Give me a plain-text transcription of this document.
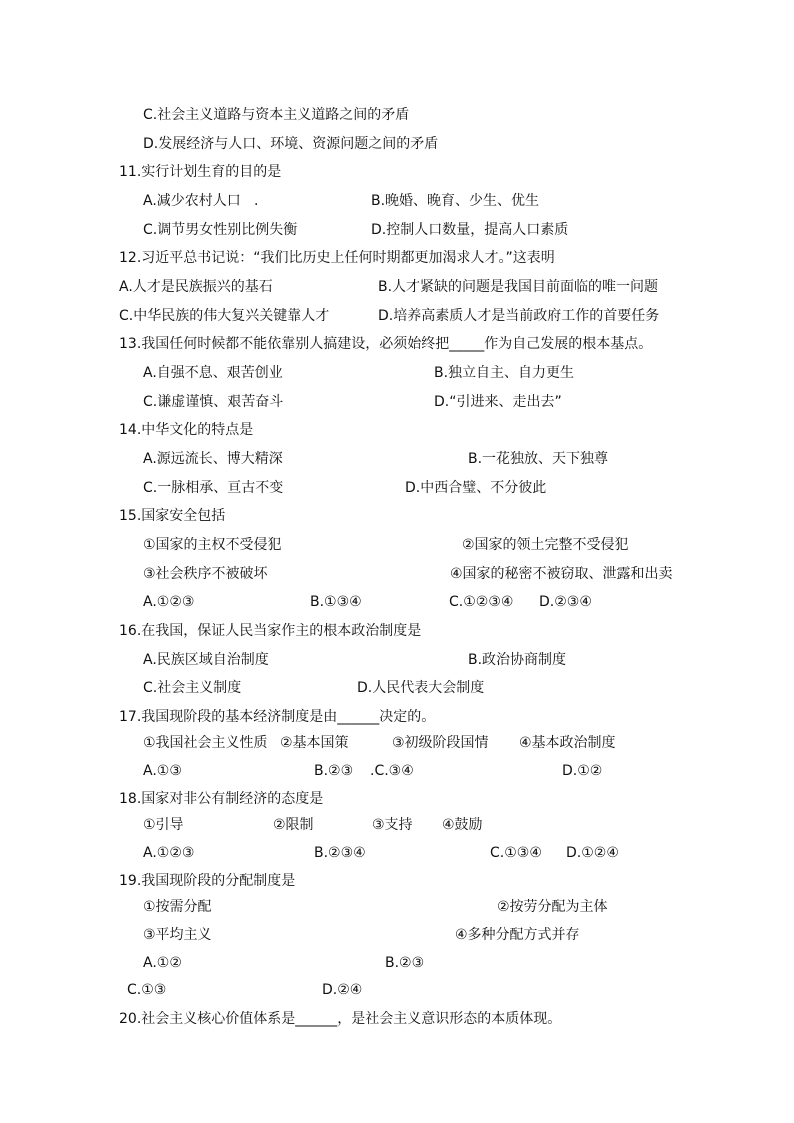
C.社会主义道路与资本主义道路之间的矛盾
D.发展经济与人口、环境、资源问题之间的矛盾
11.实行计划生育的目的是
A.减少农村人口 .	B.晚婚、晚育、少生、优生
C.调节男女性别比例失衡	D.控制人口数量，提高人口素质
12.习近平总书记说：“我们比历史上任何时期都更加渴求人才。”这表明
A.人才是民族振兴的基石	B.人才紧缺的问题是我国目前面临的唯一问题
C.中华民族的伟大复兴关键靠人才	D.培养高素质人才是当前政府工作的首要任务
13.我国任何时候都不能依靠别人搞建设，必须始终把_____作为自己发展的根本基点。
A.自强不息、艰苦创业	B.独立自主、自力更生
C.谦虚谨慎、艰苦奋斗	D.“引进来、走出去”
14.中华文化的特点是
A.源远流长、博大精深	B.一花独放、天下独尊
C.一脉相承、亘古不变	D.中西合璧、不分彼此
15.国家安全包括
①国家的主权不受侵犯	②国家的领土完整不受侵犯
③社会秩序不被破坏	④国家的秘密不被窃取、泄露和出卖
A.①②③	B.①③④	C.①②③④ D.②③④
16.在我国，保证人民当家作主的根本政治制度是
A.民族区域自治制度	B.政治协商制度
C.社会主义制度	D.人民代表大会制度
17.我国现阶段的基本经济制度是由______决定的。
①我国社会主义性质 ②基本国策	③初级阶段国情 ④基本政治制度
A.①③	B.②③ .C.③④	D.①②
18.国家对非公有制经济的态度是
①引导	②限制	③支持 ④鼓励
A.①②③	B.②③④	C.①③④ D.①②④
19.我国现阶段的分配制度是
①按需分配	②按劳分配为主体
③平均主义	④多种分配方式并存
A.①②	B.②③
C.①③	D.②④
20.社会主义核心价值体系是______，是社会主义意识形态的本质体现。
